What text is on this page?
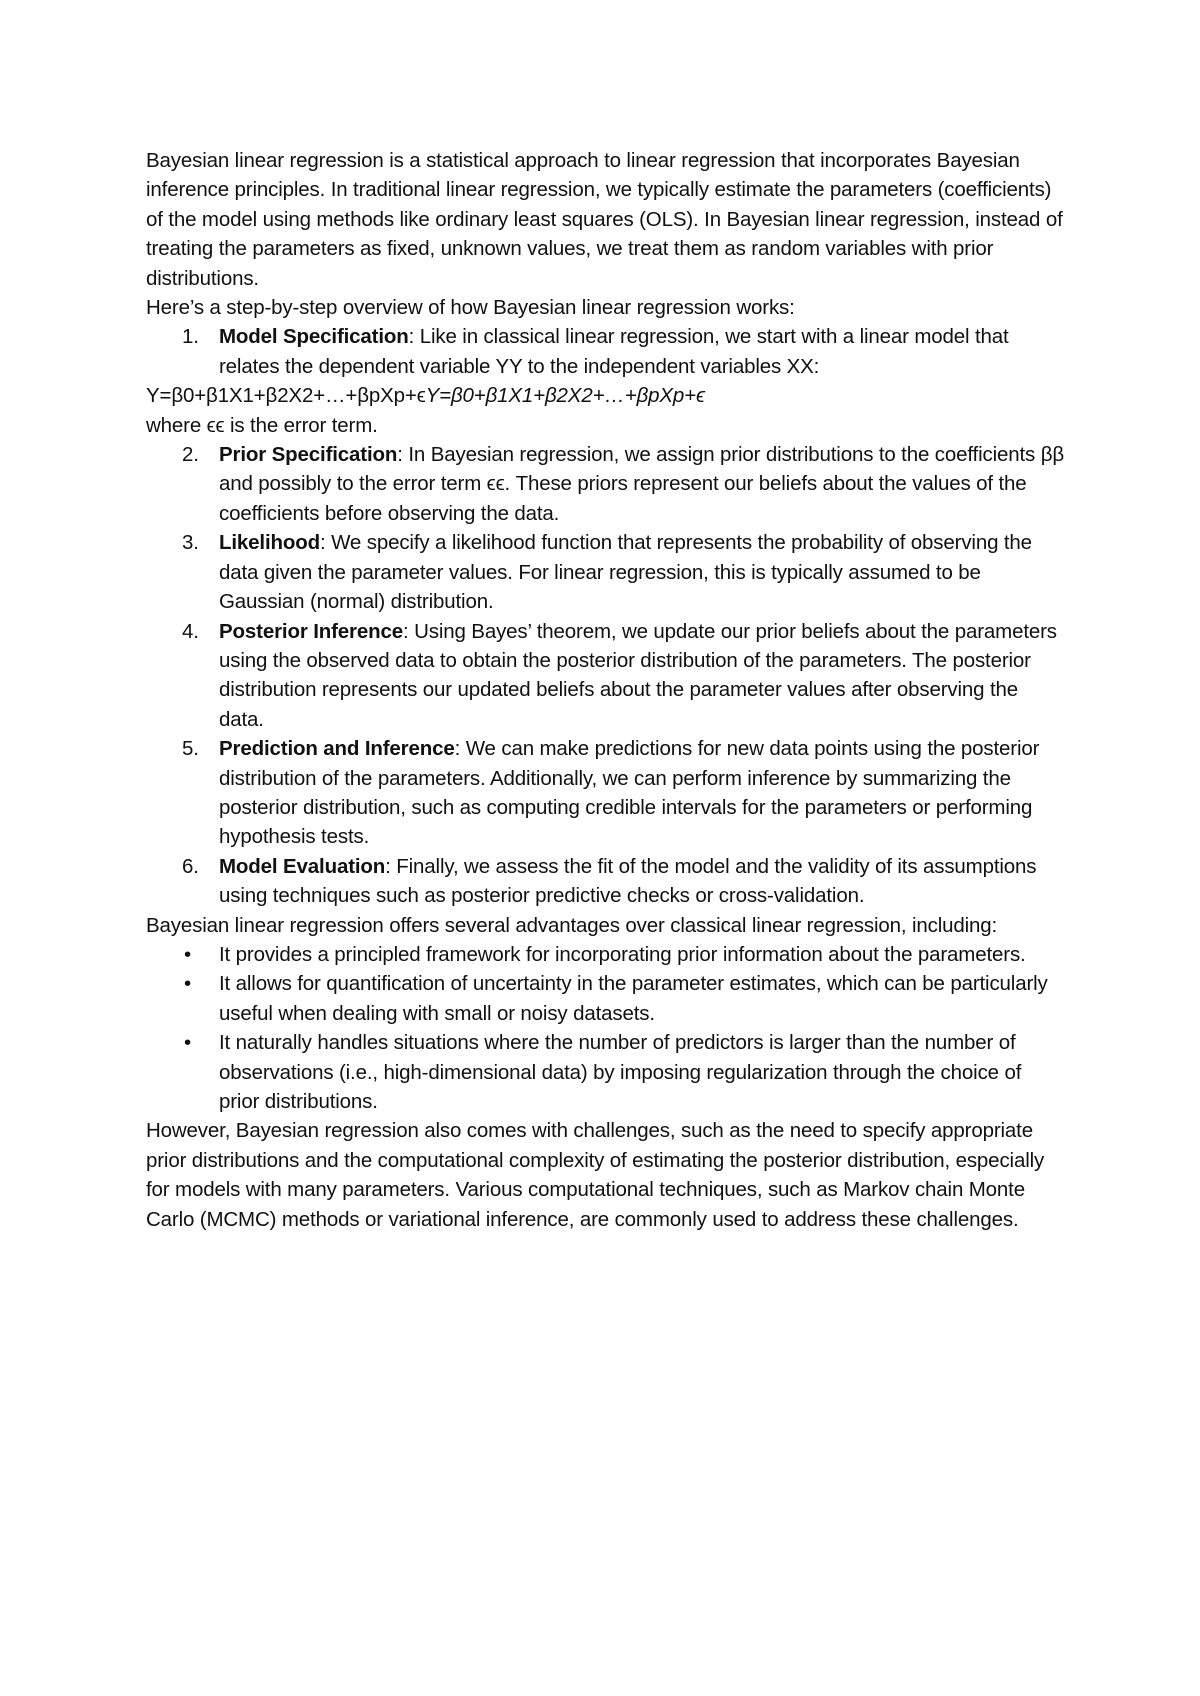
Bayesian linear regression is a statistical approach to linear regression that incorporates Bayesian inference principles. In traditional linear regression, we typically estimate the parameters (coefficients) of the model using methods like ordinary least squares (OLS). In Bayesian linear regression, instead of treating the parameters as fixed, unknown values, we treat them as random variables with prior distributions.

Here’s a step-by-step overview of how Bayesian linear regression works:

1. Model Specification: Like in classical linear regression, we start with a linear model that relates the dependent variable YY to the independent variables XX:
Y=β0+β1X1+β2X2+…+βpXp+ϵY=β0+β1X1+β2X2+…+βpXp+ϵ
where ϵϵ is the error term.
2. Prior Specification: In Bayesian regression, we assign prior distributions to the coefficients ββ and possibly to the error term ϵϵ. These priors represent our beliefs about the values of the coefficients before observing the data.
3. Likelihood: We specify a likelihood function that represents the probability of observing the data given the parameter values. For linear regression, this is typically assumed to be Gaussian (normal) distribution.
4. Posterior Inference: Using Bayes’ theorem, we update our prior beliefs about the parameters using the observed data to obtain the posterior distribution of the parameters. The posterior distribution represents our updated beliefs about the parameter values after observing the data.
5. Prediction and Inference: We can make predictions for new data points using the posterior distribution of the parameters. Additionally, we can perform inference by summarizing the posterior distribution, such as computing credible intervals for the parameters or performing hypothesis tests.
6. Model Evaluation: Finally, we assess the fit of the model and the validity of its assumptions using techniques such as posterior predictive checks or cross-validation.

Bayesian linear regression offers several advantages over classical linear regression, including:

• It provides a principled framework for incorporating prior information about the parameters.
• It allows for quantification of uncertainty in the parameter estimates, which can be particularly useful when dealing with small or noisy datasets.
• It naturally handles situations where the number of predictors is larger than the number of observations (i.e., high-dimensional data) by imposing regularization through the choice of prior distributions.

However, Bayesian regression also comes with challenges, such as the need to specify appropriate prior distributions and the computational complexity of estimating the posterior distribution, especially for models with many parameters. Various computational techniques, such as Markov chain Monte Carlo (MCMC) methods or variational inference, are commonly used to address these challenges.
